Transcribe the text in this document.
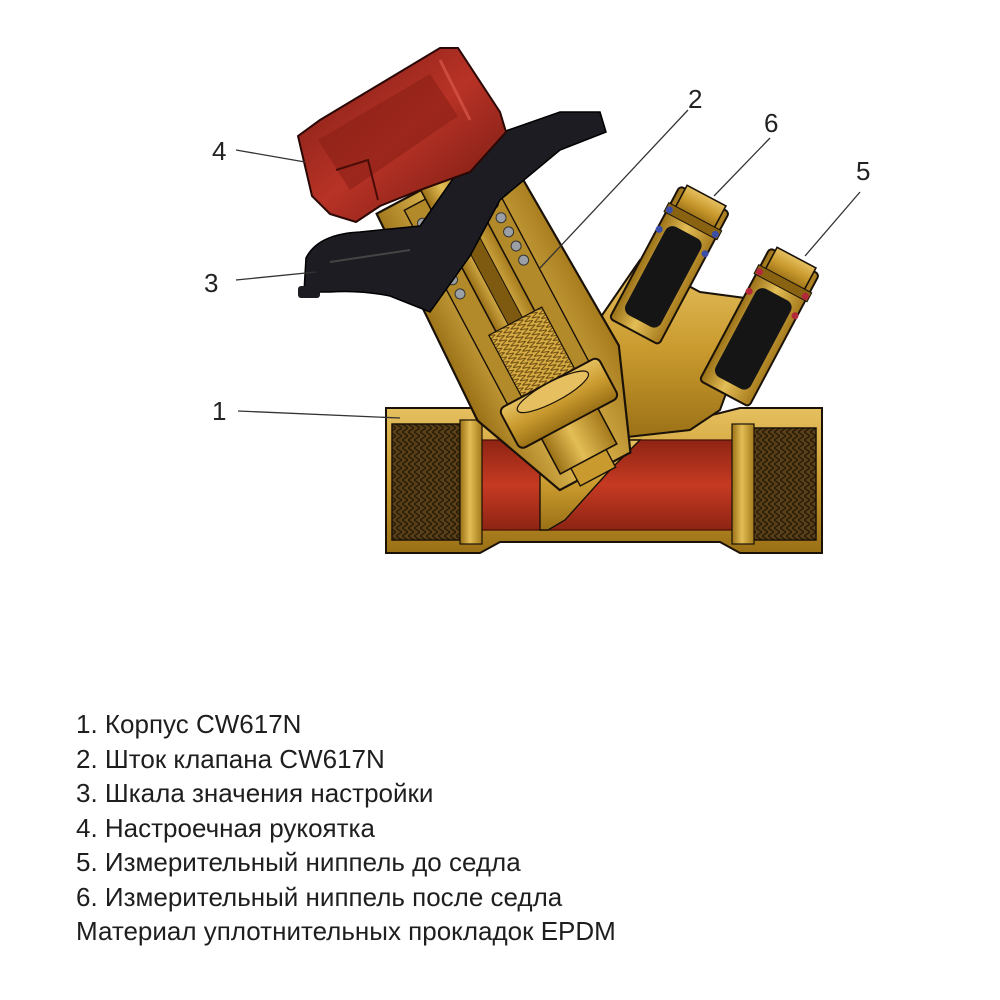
1
2
3
4
5
6
1. Корпус CW617N
2. Шток клапана CW617N
3. Шкала значения настройки
4. Настроечная рукоятка
5. Измерительный ниппель до седла
6. Измерительный ниппель после седла
Материал уплотнительных прокладок EPDM
